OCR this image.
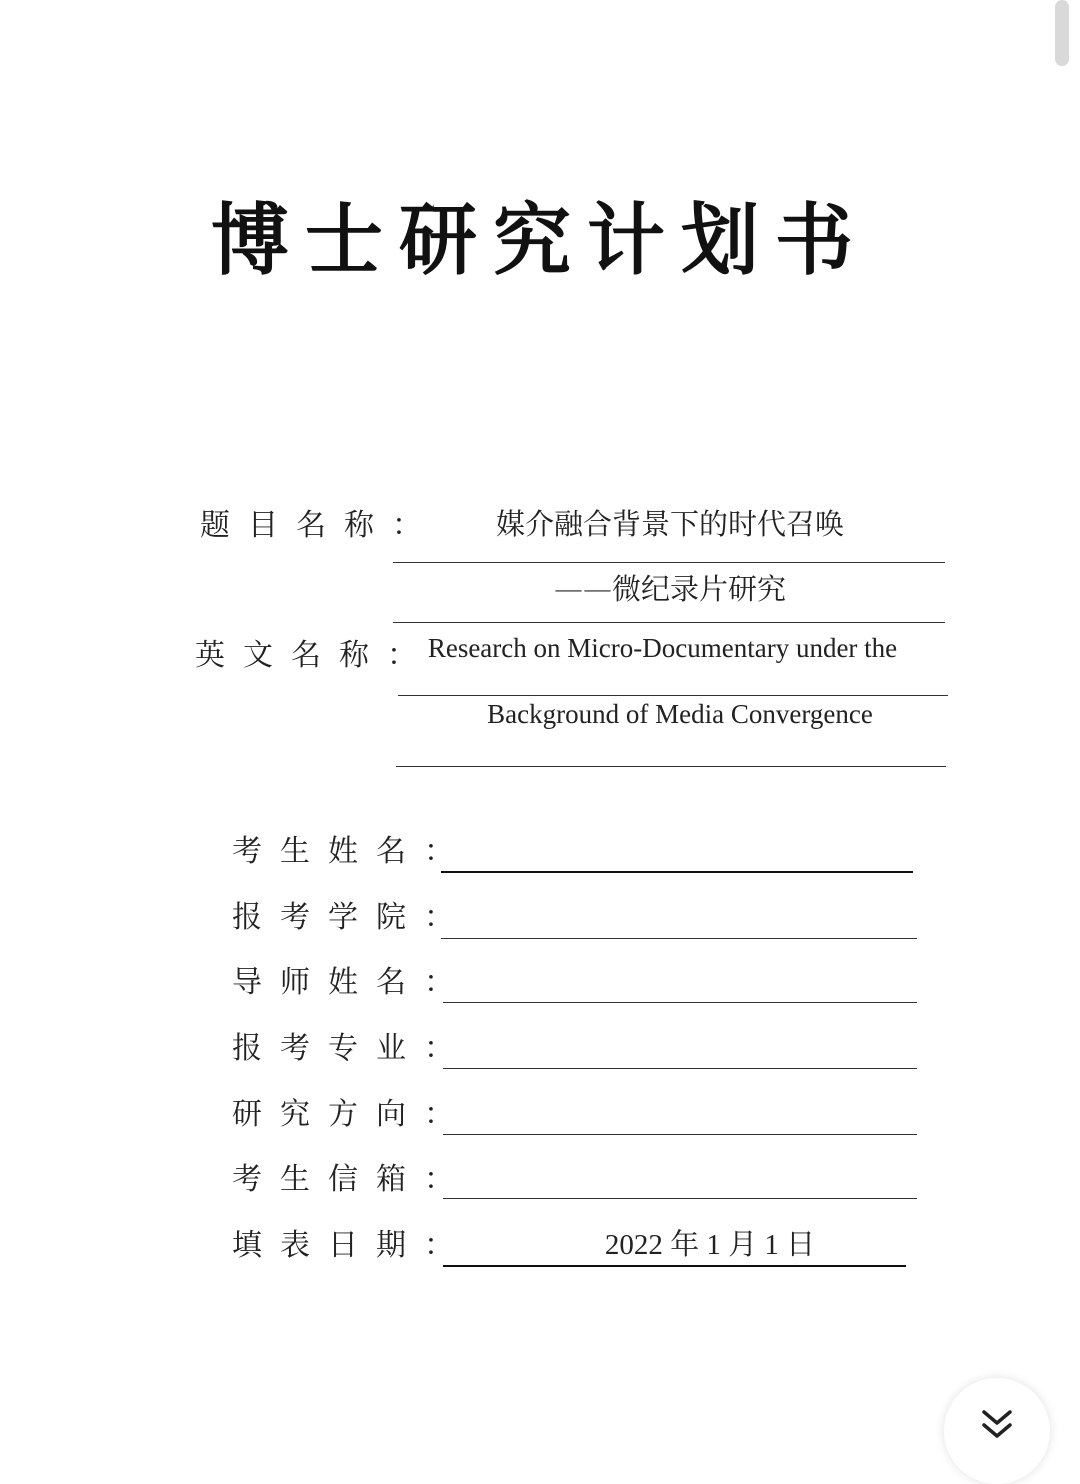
博士研究计划书
题目名称：	媒介融合背景下的时代召唤
——微纪录片研究
英文名称：
Research on Micro-Documentary under the
Background of Media Convergence
考生姓名：
报考学院：
导师姓名：
报考专业：
研究方向：
考生信箱：
填表日期：	2022 年 1 月 1 日
